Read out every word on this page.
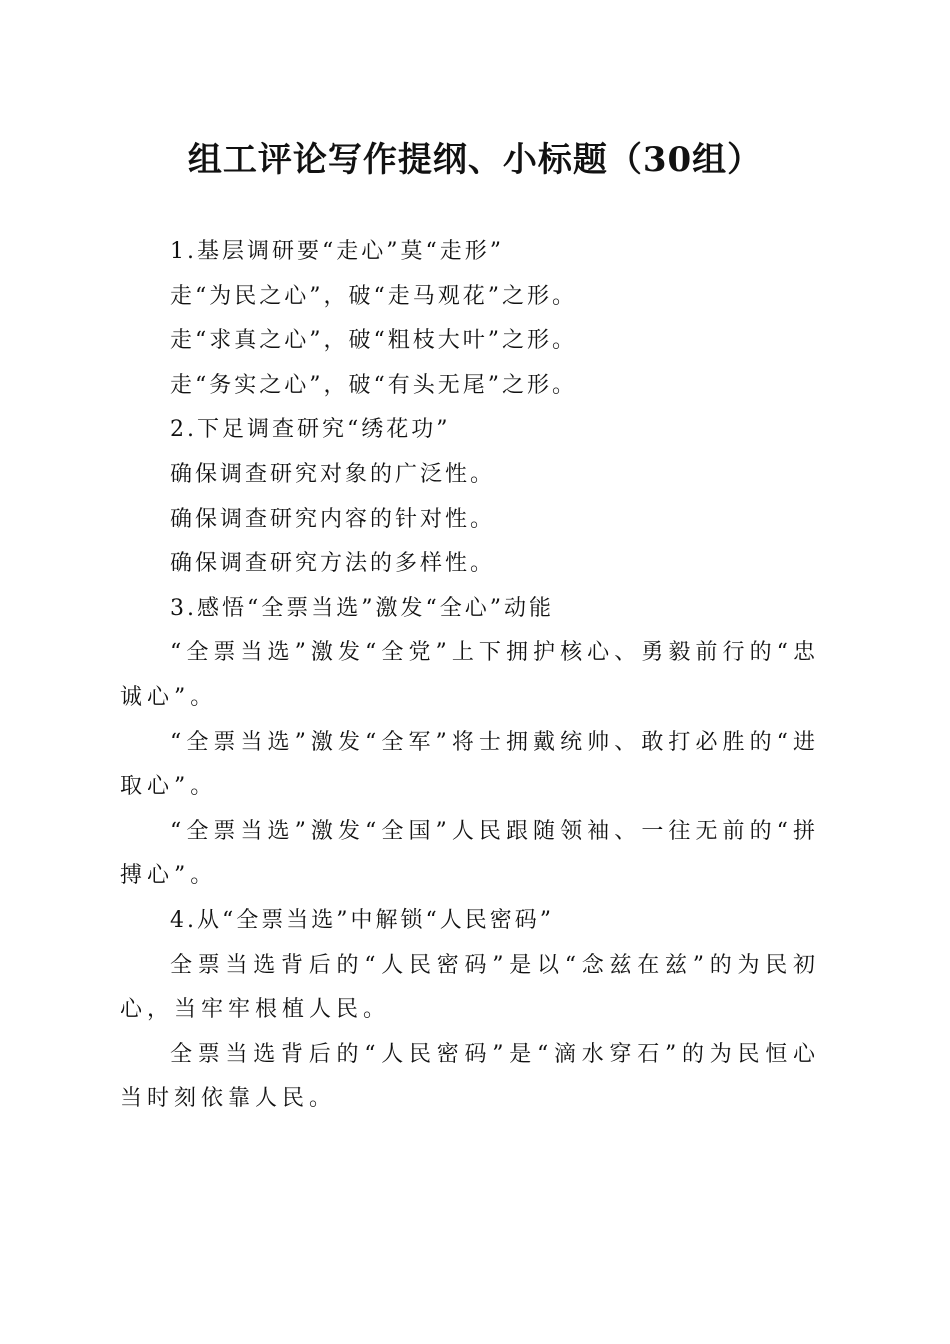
组工评论写作提纲、小标题（30组）

1.基层调研要“走心”莫“走形”

走“为民之心”，破“走马观花”之形。

走“求真之心”，破“粗枝大叶”之形。

走“务实之心”，破“有头无尾”之形。

2.下足调查研究“绣花功”

确保调查研究对象的广泛性。

确保调查研究内容的针对性。

确保调查研究方法的多样性。

3.感悟“全票当选”激发“全心”动能

“全票当选”激发“全党”上下拥护核心、勇毅前行的“忠诚心”。

“全票当选”激发“全军”将士拥戴统帅、敢打必胜的“进取心”。

“全票当选”激发“全国”人民跟随领袖、一往无前的“拼搏心”。

4.从“全票当选”中解锁“人民密码”

全票当选背后的“人民密码”是以“念兹在兹”的为民初心，当牢牢根植人民。

全票当选背后的“人民密码”是“滴水穿石”的为民恒心当时刻依靠人民。
